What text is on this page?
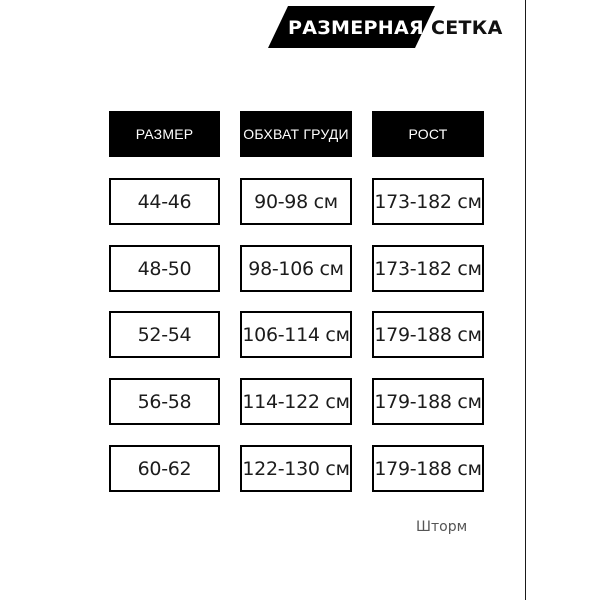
РАЗМЕРНАЯ СЕТКА
РАЗМЕР	ОБХВАТ ГРУДИ	РОСТ
44-46	90-98 см	173-182 см
48-50	98-106 см	173-182 см
52-54	106-114 см 179-188 см
56-58	114-122 см 179-188 см
60-62	122-130 см 179-188 см
Шторм
